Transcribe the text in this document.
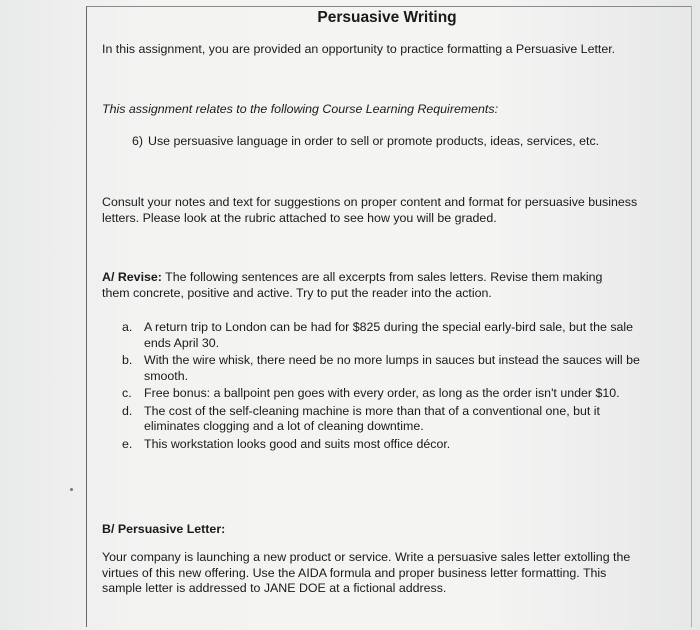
Persuasive Writing

In this assignment, you are provided an opportunity to practice formatting a Persuasive Letter.

This assignment relates to the following Course Learning Requirements:

6) Use persuasive language in order to sell or promote products, ideas, services, etc.

Consult your notes and text for suggestions on proper content and format for persuasive business letters. Please look at the rubric attached to see how you will be graded.

A/ Revise: The following sentences are all excerpts from sales letters. Revise them making them concrete, positive and active. Try to put the reader into the action.

a. A return trip to London can be had for $825 during the special early-bird sale, but the sale ends April 30.
b. With the wire whisk, there need be no more lumps in sauces but instead the sauces will be smooth.
c. Free bonus: a ballpoint pen goes with every order, as long as the order isn't under $10.
d. The cost of the self-cleaning machine is more than that of a conventional one, but it eliminates clogging and a lot of cleaning downtime.
e. This workstation looks good and suits most office décor.

B/ Persuasive Letter:

Your company is launching a new product or service. Write a persuasive sales letter extolling the virtues of this new offering. Use the AIDA formula and proper business letter formatting. This sample letter is addressed to JANE DOE at a fictional address.
